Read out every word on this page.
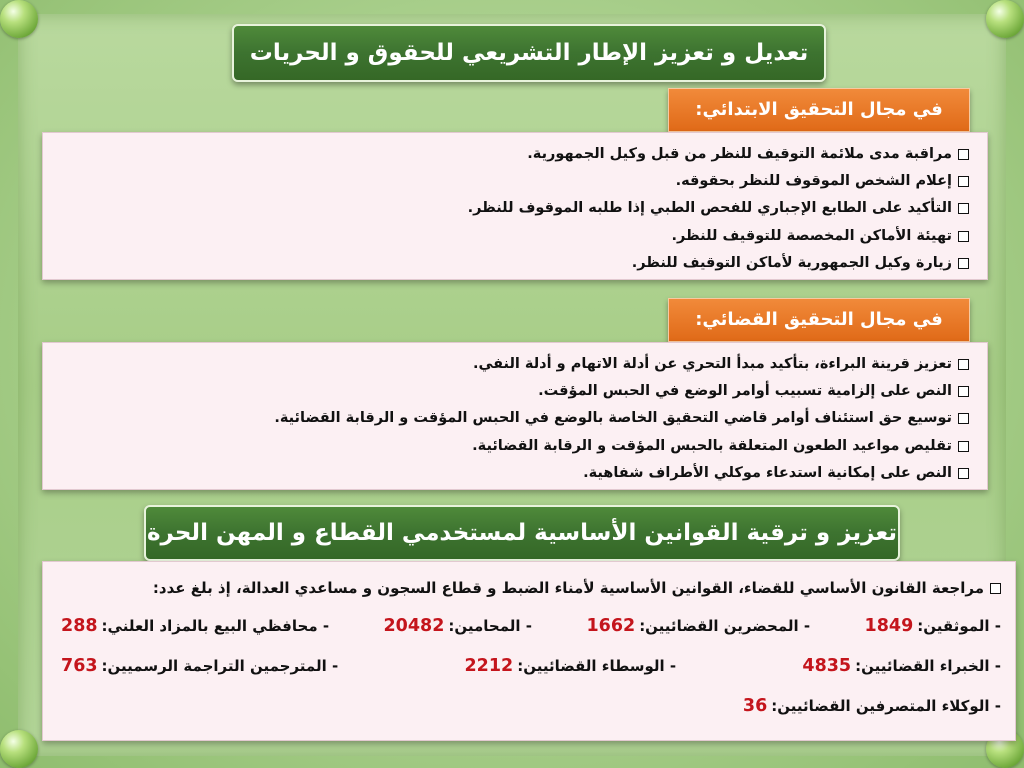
تعديل و تعزيز الإطار التشريعي للحقوق و الحريات
في مجال التحقيق الابتدائي:
مراقبة مدى ملائمة التوقيف للنظر من قبل وكيل الجمهورية.
إعلام الشخص الموقوف للنظر بحقوقه.
التأكيد على الطابع الإجباري للفحص الطبي إذا طلبه الموقوف للنظر.
تهيئة الأماكن المخصصة للتوقيف للنظر.
زيارة وكيل الجمهورية لأماكن التوقيف للنظر.
في مجال التحقيق القضائي:
تعزيز قرينة البراءة، بتأكيد مبدأ التحري عن أدلة الاتهام و أدلة النفي.
النص على إلزامية تسبيب أوامر الوضع في الحبس المؤقت.
توسيع حق استئناف أوامر قاضي التحقيق الخاصة بالوضع في الحبس المؤقت و الرقابة القضائية.
تقليص مواعيد الطعون المتعلقة بالحبس المؤقت و الرقابة القضائية.
النص على إمكانية استدعاء موكلي الأطراف شفاهية.
تعزيز و ترقية القوانين الأساسية لمستخدمي القطاع و المهن الحرة
مراجعة القانون الأساسي للقضاء، القوانين الأساسية لأمناء الضبط و قطاع السجون و مساعدي العدالة، إذ بلغ عدد:
- الموثقين:1849
- المحضرين القضائيين:1662
- المحامين:20482
- محافظي البيع بالمزاد العلني:288
- الخبراء القضائيين:4835
- الوسطاء القضائيين:2212
- المترجمين التراجمة الرسميين:763
- الوكلاء المتصرفين القضائيين:36
